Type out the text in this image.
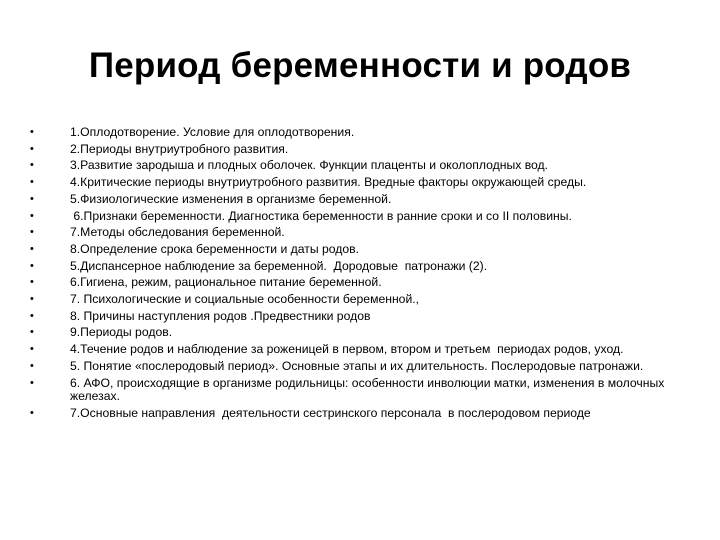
Период беременности и родов
•	1.Оплодотворение. Условие для оплодотворения.
•	2.Периоды внутриутробного развития.
•	3.Развитие зародыша и плодных оболочек. Функции плаценты и околоплодных вод.
•	4.Критические периоды внутриутробного развития. Вредные факторы окружающей среды.
•	5.Физиологические изменения в организме беременной.
•	6.Признаки беременности. Диагностика беременности в ранние сроки и со II половины.
•	7.Методы обследования беременной.
•	8.Определение срока беременности и даты родов.
•	5.Диспансерное наблюдение за беременной.  Дородовые  патронажи (2).
•	6.Гигиена, режим, рациональное питание беременной.
•	7. Психологические и социальные особенности беременной.,
•	8. Причины наступления родов .Предвестники родов
•	9.Периоды родов.
•	4.Течение родов и наблюдение за роженицей в первом, втором и третьем  периодах родов, уход.
•	5. Понятие «послеродовый период». Основные этапы и их длительность. Послеродовые патронажи.
•	6. АФО, происходящие в организме родильницы: особенности инволюции матки, изменения в молочных железах.
•	7.Основные направления  деятельности сестринского персонала  в послеродовом периоде
